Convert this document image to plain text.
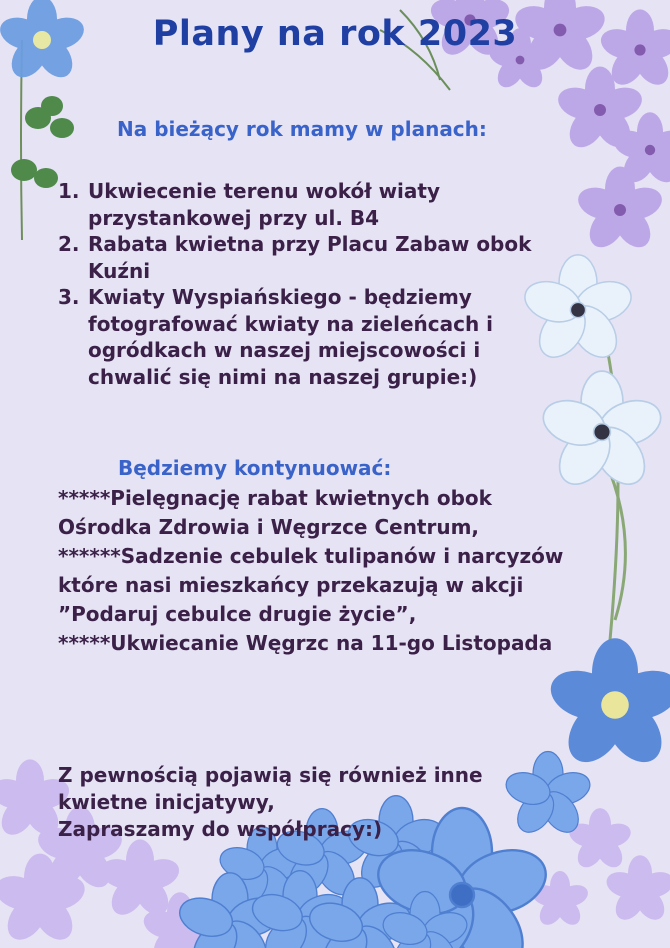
Plany na rok 2023
Na bieżący rok mamy w planach:
1. Ukwiecenie terenu wokół wiaty przystankowej przy ul. B4
2. Rabata kwietna przy Placu Zabaw obok Kuźni
3. Kwiaty Wyspiańskiego - będziemy fotografować kwiaty na zieleńcach i ogródkach w naszej miejscowości i chwalić się nimi na naszej grupie:)
Będziemy kontynuować:

*****Pielęgnację rabat kwietnych obok Ośrodka Zdrowia i Węgrzce Centrum,

******Sadzenie cebulek tulipanów i narcyzów które nasi mieszkańcy przekazują w akcji ”Podaruj cebulce drugie życie”,

*****Ukwiecanie Węgrzc na 11-go Listopada

Z pewnością pojawią się również inne kwietne inicjatywy,

Zapraszamy do współpracy:)
